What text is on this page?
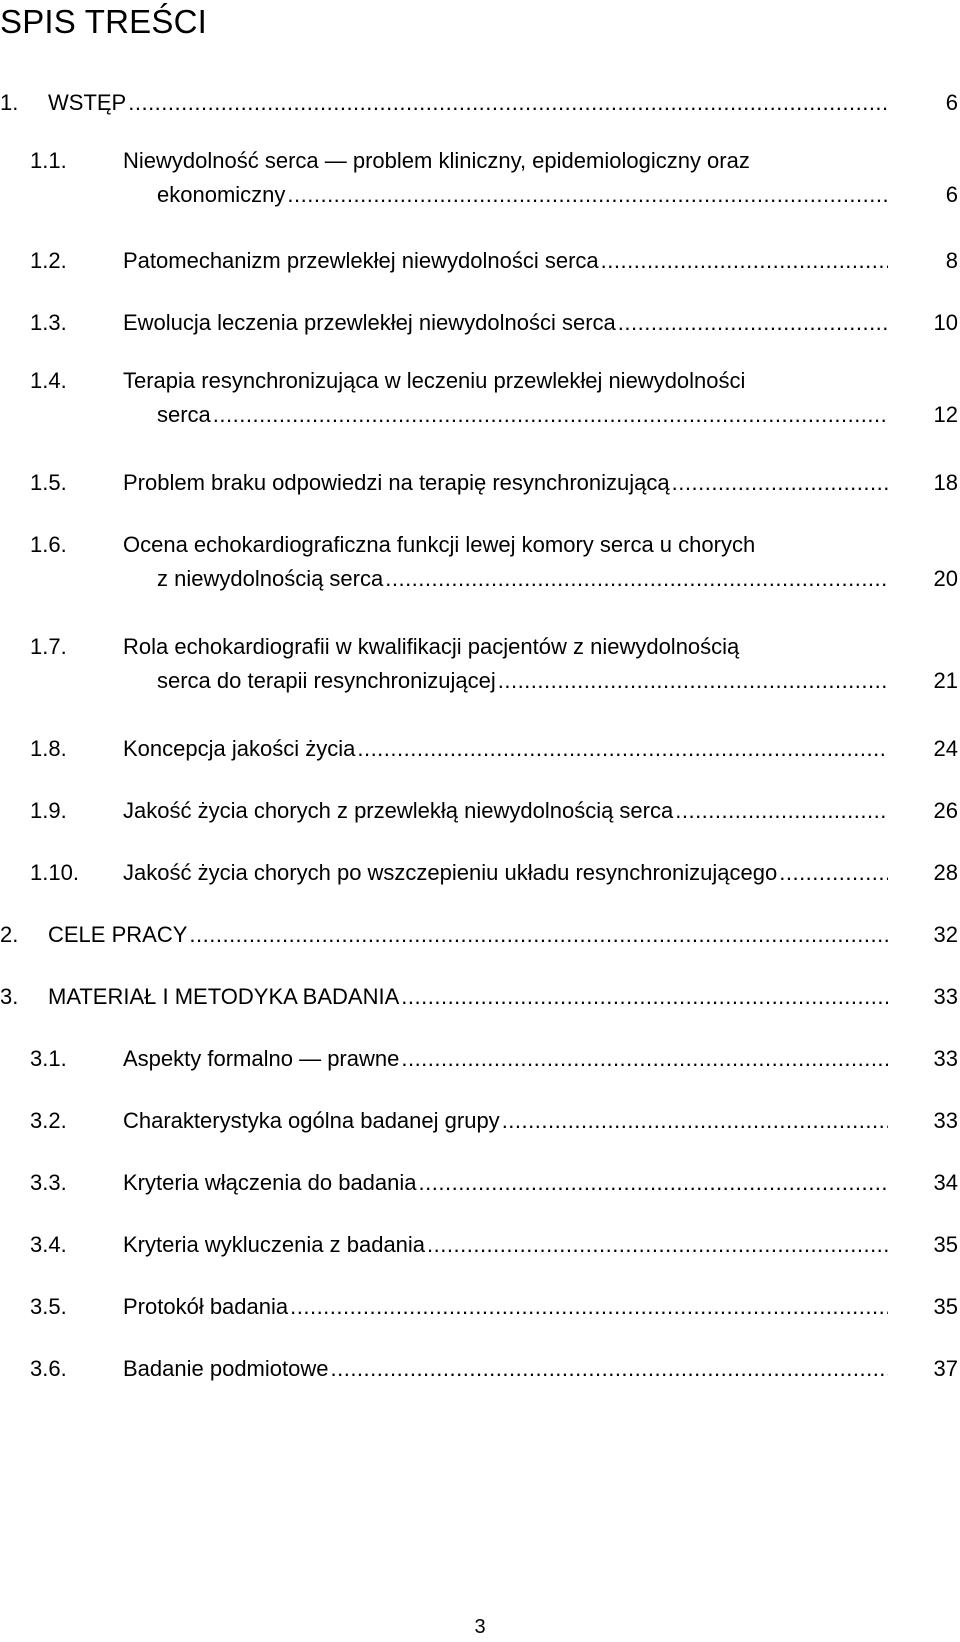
SPIS TREŚCI
1. WSTĘP .....	6
1.1.	Niewydolność serca — problem kliniczny, epidemiologiczny oraz
ekonomiczny .....	6
1.2.	Patomechanizm przewlekłej niewydolności serca .....	8
1.3.	Ewolucja leczenia przewlekłej niewydolności serca .....	10
1.4.	Terapia resynchronizująca w leczeniu przewlekłej niewydolności
serca .....	12
1.5.	Problem braku odpowiedzi na terapię resynchronizującą .....	18
1.6.	Ocena echokardiograficzna funkcji lewej komory serca u chorych
z niewydolnością serca .....	20
1.7.	Rola echokardiografii w kwalifikacji pacjentów z niewydolnością
serca do terapii resynchronizującej .....	21
1.8.	Koncepcja jakości życia .....	24
1.9.	Jakość życia chorych z przewlekłą niewydolnością serca .....	26
1.10. Jakość życia chorych po wszczepieniu układu resynchronizującego .....	28
2. CELE PRACY .....	32
3. MATERIAŁ I METODYKA BADANIA .....	33
3.1.	Aspekty formalno — prawne .....	33
3.2.	Charakterystyka ogólna badanej grupy .....	33
3.3.	Kryteria włączenia do badania .....	34
3.4.	Kryteria wykluczenia z badania .....	35
3.5.	Protokół badania .....	35
3.6.	Badanie podmiotowe .....	37
3
